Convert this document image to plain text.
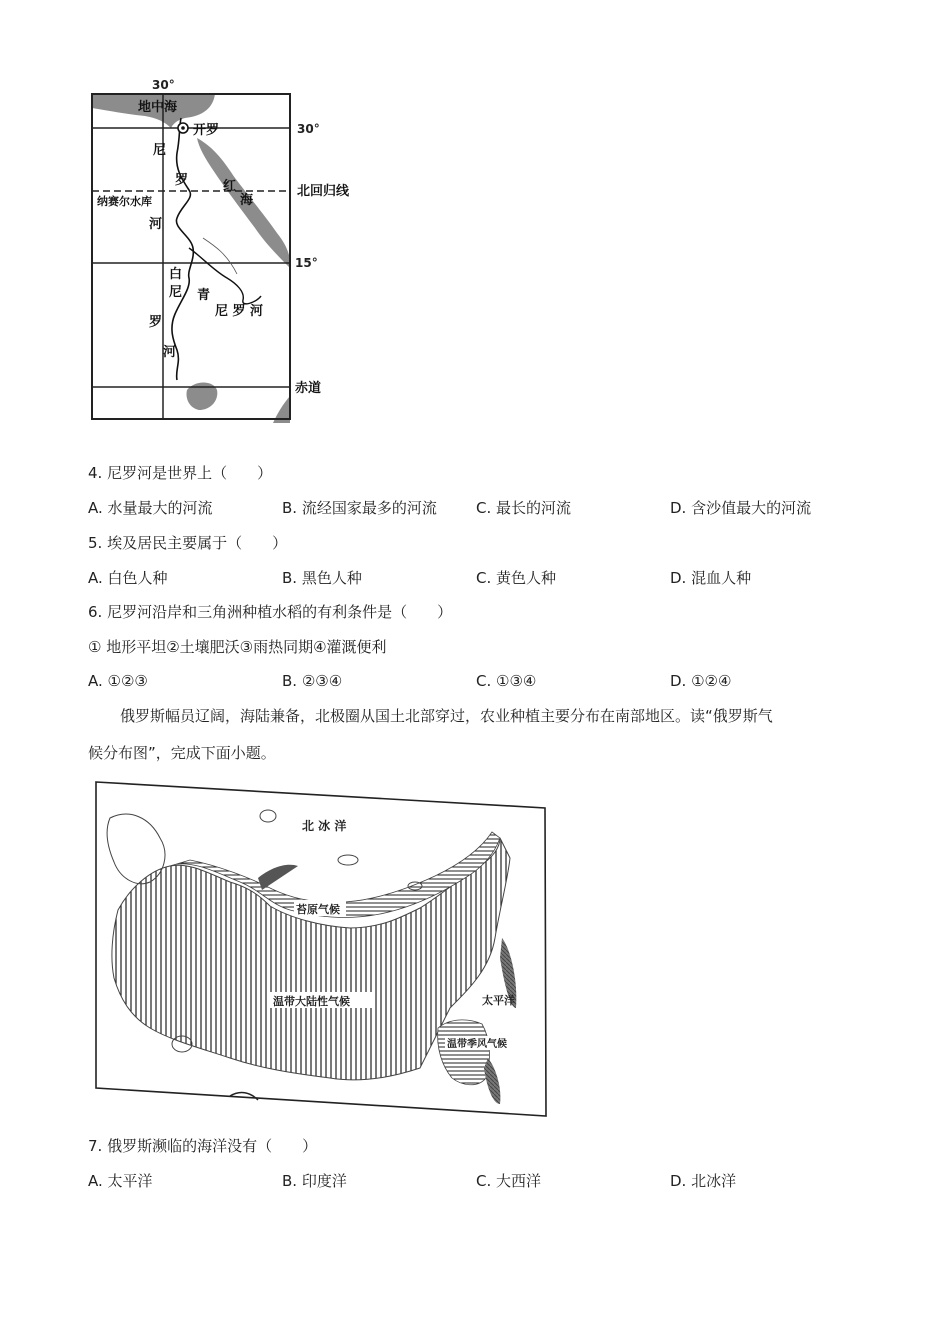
30°
地中海
开罗	30°
尼
罗	红
海
北回归线
纳赛尔水库
河
15°
白
尼 青
罗
尼 罗 河
河
赤道
4. 尼罗河是世界上（　　）
A. 水量最大的河流	B. 流经国家最多的河流	C. 最长的河流	D. 含沙值最大的河流
5. 埃及居民主要属于（　　）
A. 白色人种	B. 黑色人种	C. 黄色人种	D. 混血人种
6. 尼罗河沿岸和三角洲种植水稻的有利条件是（　　）
① 地形平坦②土壤肥沃③雨热同期④灌溉便利
A. ①②③	B. ②③④	C. ①③④	D. ①②④
俄罗斯幅员辽阔，海陆兼备，北极圈从国土北部穿过，农业种植主要分布在南部地区。读“俄罗斯气
候分布图”，完成下面小题。
北 冰 洋
苔原气候
温带大陆性气候	太平洋
温带季风气候
7. 俄罗斯濒临的海洋没有（　　）
A. 太平洋	B. 印度洋	C. 大西洋	D. 北冰洋
